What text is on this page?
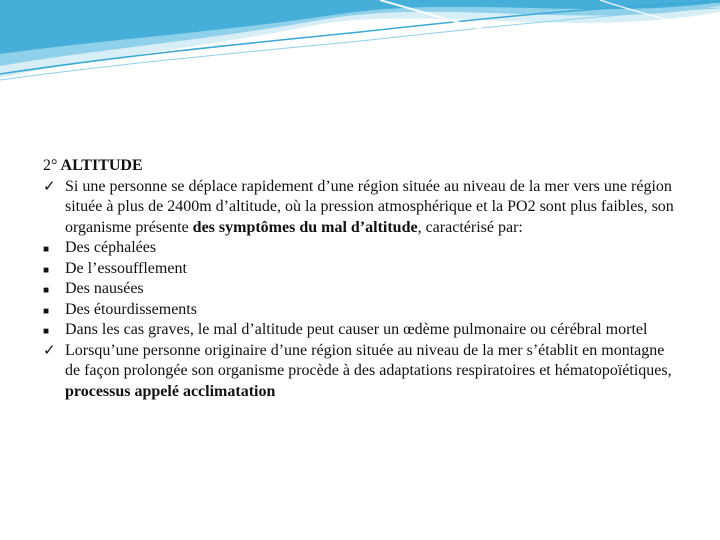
2° ALTITUDE
✓ Si une personne se déplace rapidement d’une région située au niveau de la mer vers une région située à plus de 2400m d’altitude, où la pression atmosphérique et la PO2 sont plus faibles, son organisme présente des symptômes du mal d’altitude, caractérisé par:
■ Des céphalées
■ De l’essoufflement
■ Des nausées
■ Des étourdissements
■ Dans les cas graves, le mal d’altitude peut causer un œdème pulmonaire ou cérébral mortel
✓ Lorsqu’une personne originaire d’une région située au niveau de la mer s’établit en montagne de façon prolongée son organisme procède à des adaptations respiratoires et hématopoïétiques, processus appelé acclimatation
